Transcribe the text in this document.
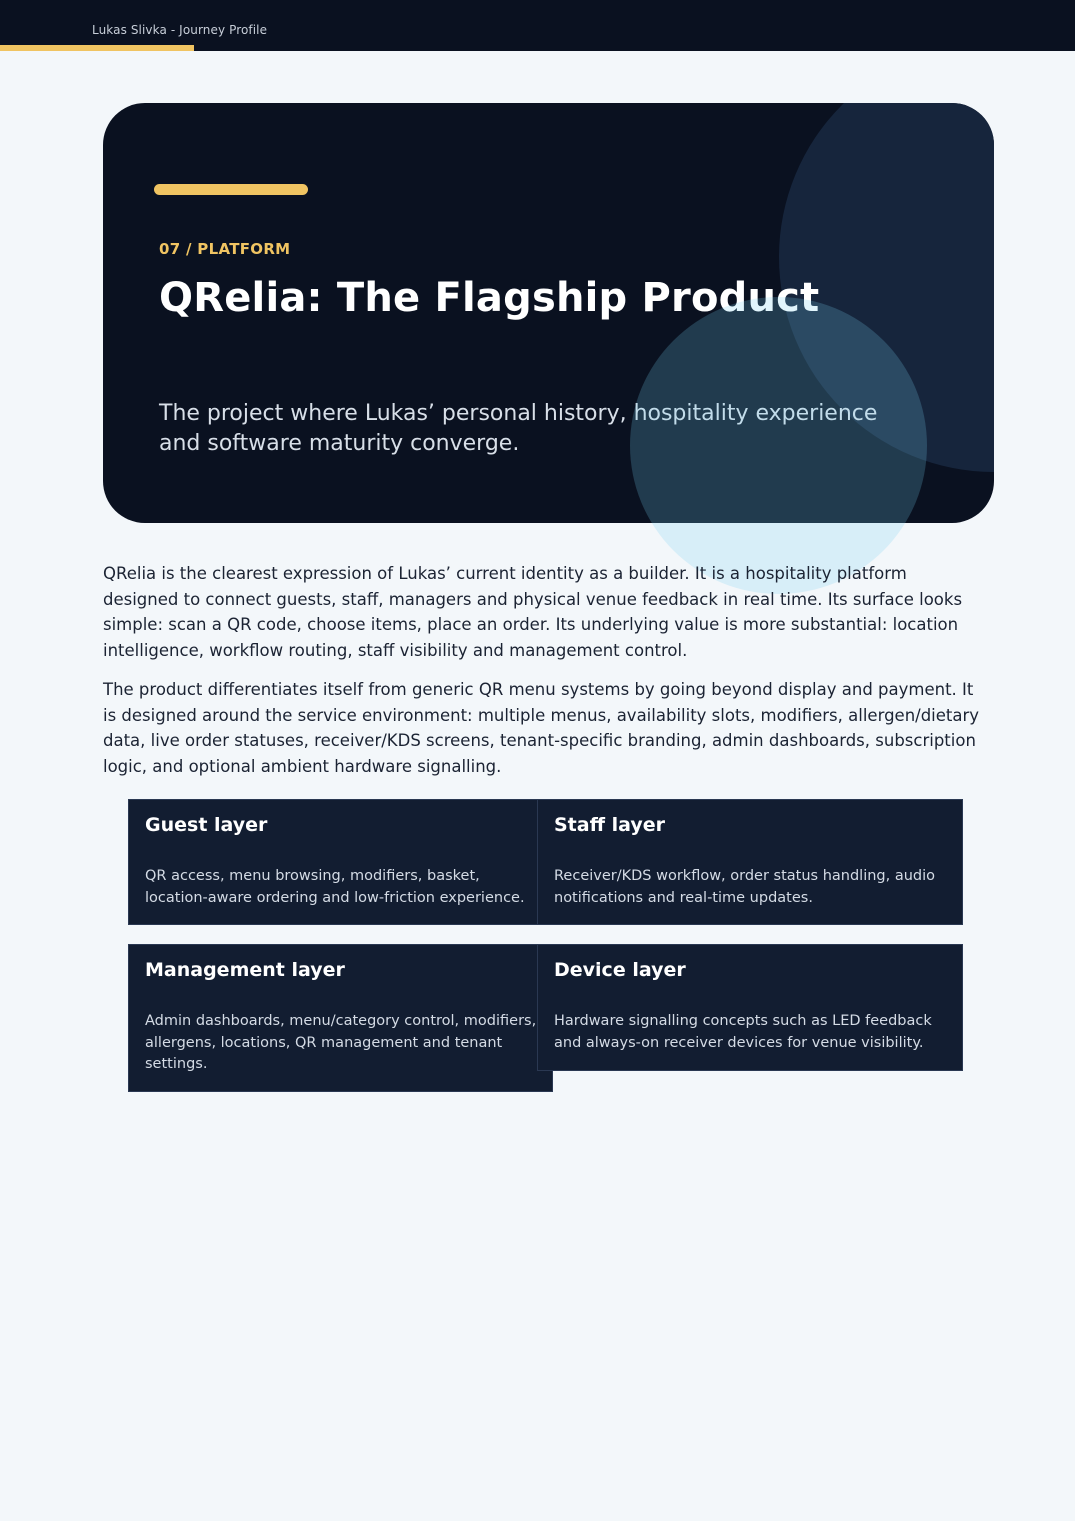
Lukas Slivka - Journey Profile
07 / PLATFORM
QRelia: The Flagship Product
The project where Lukas’ personal history, hospitality experience and software maturity converge.

QRelia is the clearest expression of Lukas’ current identity as a builder. It is a hospitality platform designed to connect guests, staff, managers and physical venue feedback in real time. Its surface looks simple: scan a QR code, choose items, place an order. Its underlying value is more substantial: location intelligence, workflow routing, staff visibility and management control.

The product differentiates itself from generic QR menu systems by going beyond display and payment. It is designed around the service environment: multiple menus, availability slots, modifiers, allergen/dietary data, live order statuses, receiver/KDS screens, tenant-specific branding, admin dashboards, subscription logic, and optional ambient hardware signalling.

Guest layer
QR access, menu browsing, modifiers, basket, location-aware ordering and low-friction experience.
Staff layer
Receiver/KDS workflow, order status handling, audio notifications and real-time updates.
Management layer
Admin dashboards, menu/category control, modifiers, allergens, locations, QR management and tenant settings.
Device layer
Hardware signalling concepts such as LED feedback and always-on receiver devices for venue visibility.
